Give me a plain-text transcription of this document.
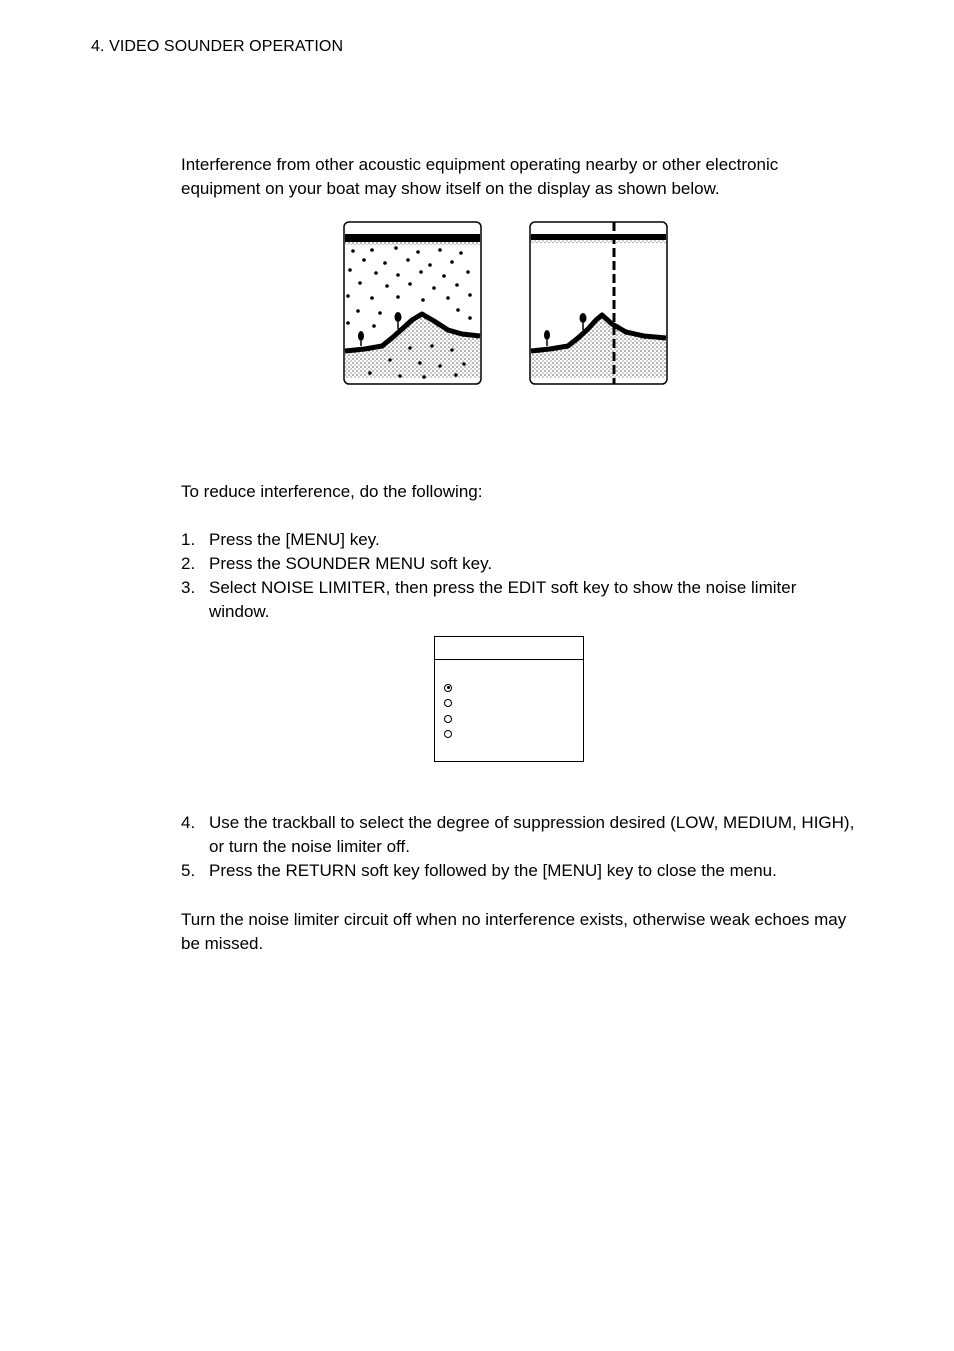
4. VIDEO SOUNDER OPERATION

Interference from other acoustic equipment operating nearby or other electronic equipment on your boat may show itself on the display as shown below.

To reduce interference, do the following:

1. Press the [MENU] key.
2. Press the SOUNDER MENU soft key.
3. Select NOISE LIMITER, then press the EDIT soft key to show the noise limiter window.
4. Use the trackball to select the degree of suppression desired (LOW, MEDIUM, HIGH), or turn the noise limiter off.
5. Press the RETURN soft key followed by the [MENU] key to close the menu.

Turn the noise limiter circuit off when no interference exists, otherwise weak echoes may be missed.
